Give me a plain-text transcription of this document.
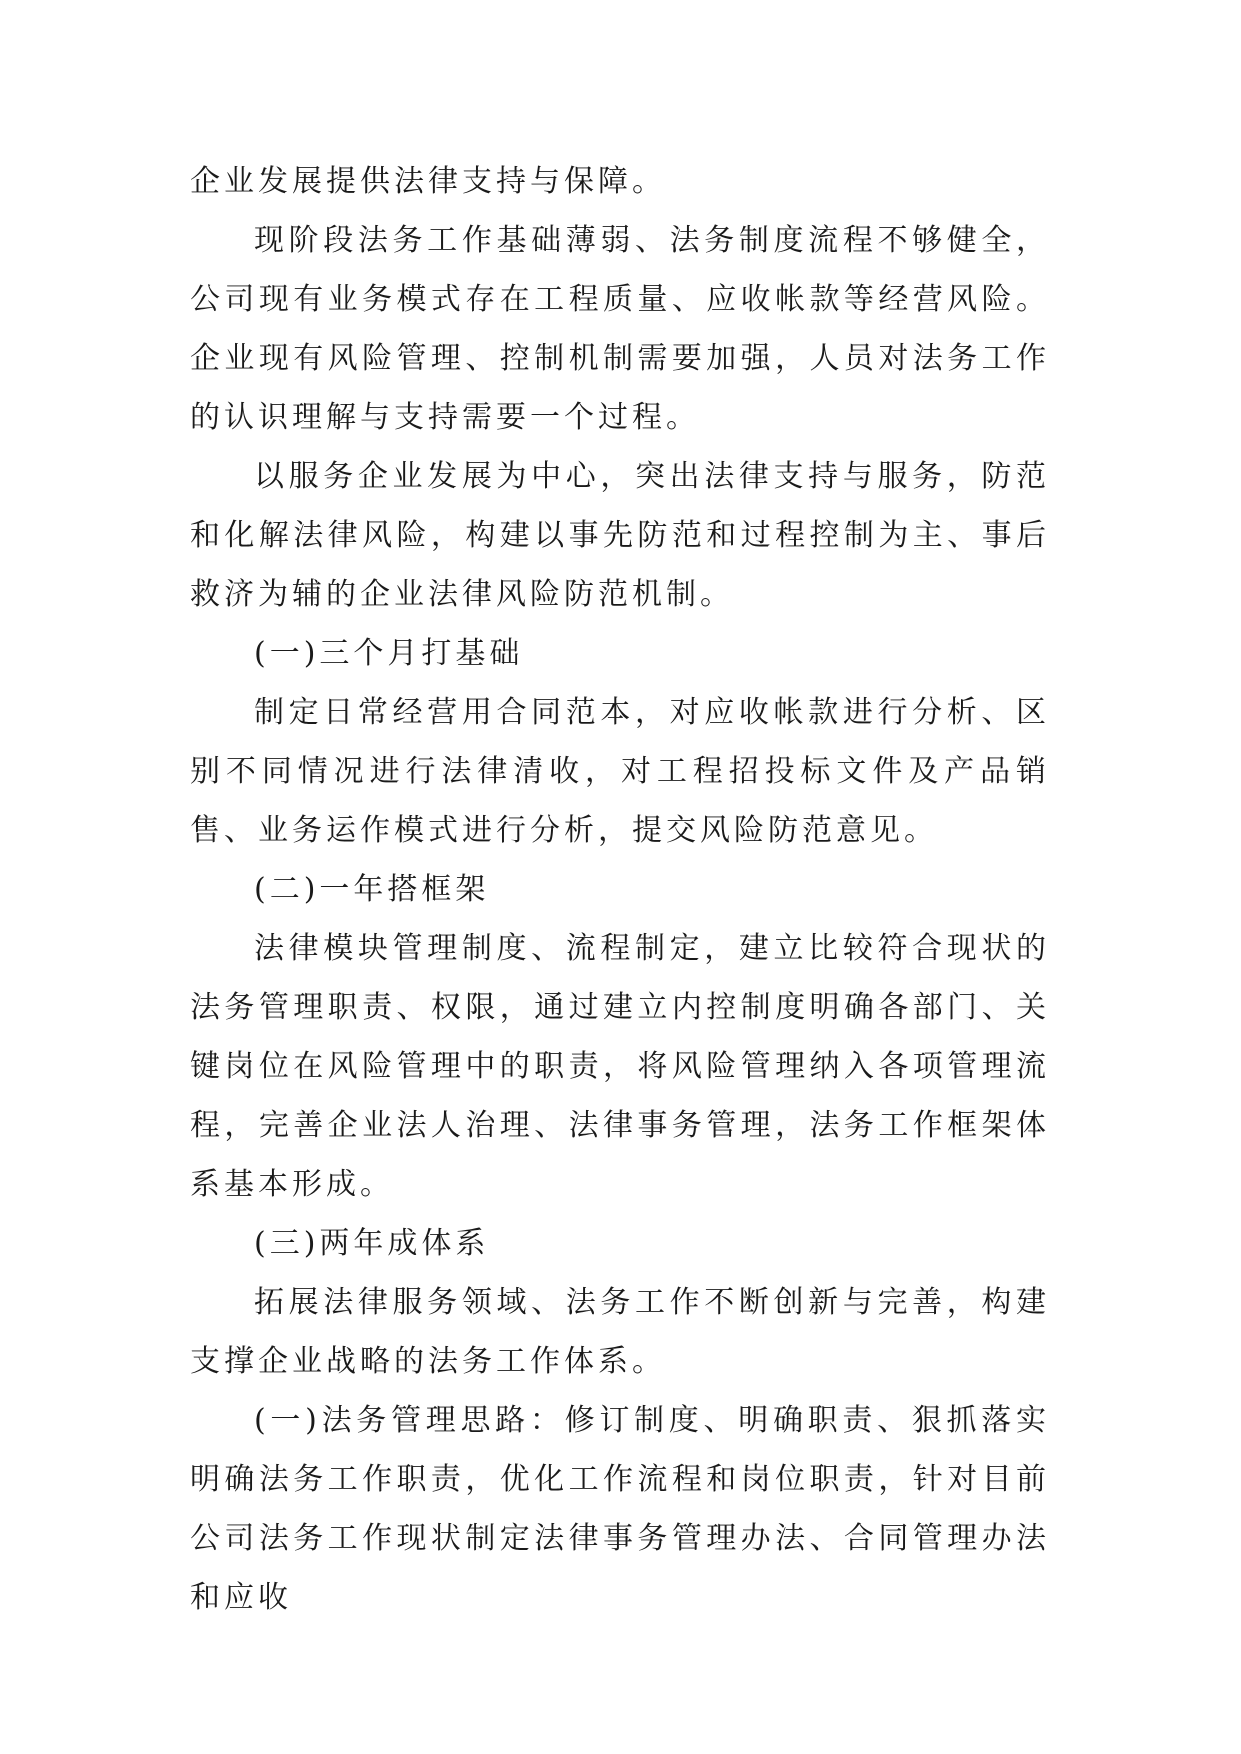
企业发展提供法律支持与保障。

现阶段法务工作基础薄弱、法务制度流程不够健全，公司现有业务模式存在工程质量、应收帐款等经营风险。企业现有风险管理、控制机制需要加强，人员对法务工作的认识理解与支持需要一个过程。

以服务企业发展为中心，突出法律支持与服务，防范和化解法律风险，构建以事先防范和过程控制为主、事后救济为辅的企业法律风险防范机制。

(一)三个月打基础

制定日常经营用合同范本，对应收帐款进行分析、区别不同情况进行法律清收，对工程招投标文件及产品销售、业务运作模式进行分析，提交风险防范意见。

(二)一年搭框架

法律模块管理制度、流程制定，建立比较符合现状的法务管理职责、权限，通过建立内控制度明确各部门、关键岗位在风险管理中的职责，将风险管理纳入各项管理流程，完善企业法人治理、法律事务管理，法务工作框架体系基本形成。

(三)两年成体系

拓展法律服务领域、法务工作不断创新与完善，构建支撑企业战略的法务工作体系。

(一)法务管理思路：修订制度、明确职责、狠抓落实明确法务工作职责，优化工作流程和岗位职责，针对目前公司法务工作现状制定法律事务管理办法、合同管理办法和应收
